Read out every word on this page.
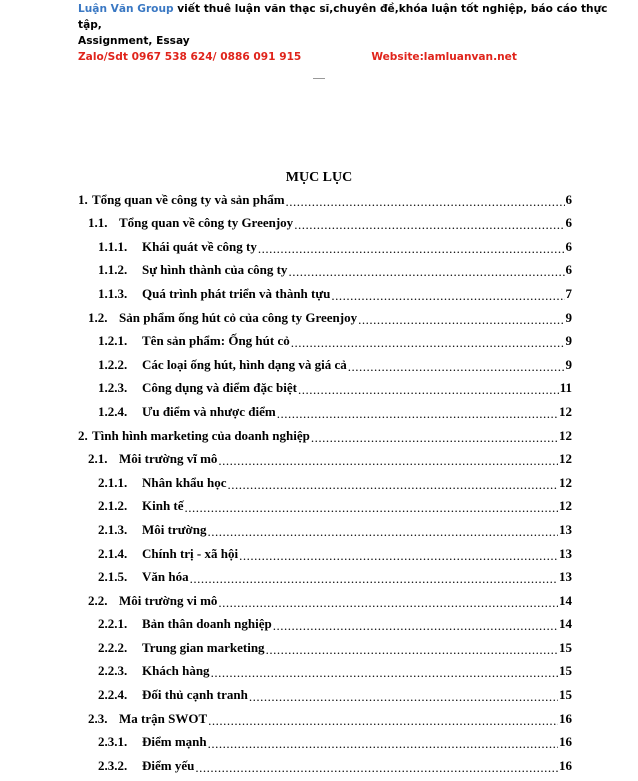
Luận Văn Group viết thuê luận văn thạc sĩ,chuyên đề,khóa luận tốt nghiệp, báo cáo thực tập,
Assignment, Essay
Zalo/Sdt 0967 538 624/ 0886 091 915	Website:lamluanvan.net
MỤC LỤC
1. Tổng quan về công ty và sản phẩm .....	6
1.1. Tổng quan về công ty Greenjoy .....	6
1.1.1.	Khái quát về công ty .....	6
1.1.2.	Sự hình thành của công ty .....	6
1.1.3.	Quá trình phát triển và thành tựu .....	7
1.2. Sản phẩm ống hút cỏ của công ty Greenjoy .....	9
1.2.1.	Tên sản phẩm: Ống hút cỏ .....	9
1.2.2.	Các loại ống hút, hình dạng và giá cả .....	9
1.2.3.	Công dụng và điểm đặc biệt .....	11
1.2.4.	Ưu điểm và nhược điểm .....	12
2. Tình hình marketing của doanh nghiệp .....	12
2.1. Môi trường vĩ mô .....	12
2.1.1.	Nhân khẩu học .....	12
2.1.2.	Kinh tế .....	12
2.1.3.	Môi trường .....	13
2.1.4.	Chính trị - xã hội .....	13
2.1.5.	Văn hóa .....	13
2.2. Môi trường vi mô .....	14
2.2.1.	Bản thân doanh nghiệp .....	14
2.2.2.	Trung gian marketing .....	15
2.2.3.	Khách hàng .....	15
2.2.4.	Đối thủ cạnh tranh .....	15
2.3. Ma trận SWOT .....	16
2.3.1.	Điểm mạnh .....	16
2.3.2.	Điểm yếu .....	16
